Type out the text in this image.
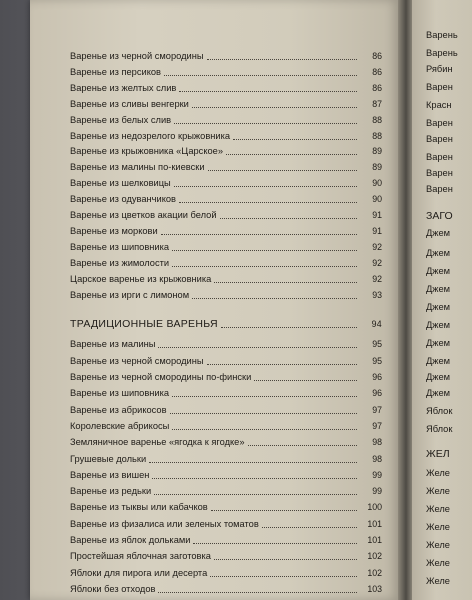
Варенье из черной смородины	86
Варенье из персиков	86
Варенье из желтых слив	86
Варенье из сливы венгерки	87
Варенье из белых слив	88
Варенье из недозрелого крыжовника	88
Варенье из крыжовника «Царское»	89
Варенье из малины по-киевски	89
Варенье из шелковицы	90
Варенье из одуванчиков	90
Варенье из цветков акации белой	91
Варенье из моркови	91
Варенье из шиповника	92
Варенье из жимолости	92
Царское варенье из крыжовника	92
Варенье из ирги с лимоном	93
ТРАДИЦИОННЫЕ ВАРЕНЬЯ	94
Варенье из малины	95
Варенье из черной смородины	95
Варенье из черной смородины по-фински	96
Варенье из шиповника	96
Варенье из абрикосов	97
Королевские абрикосы	97
Земляничное варенье «ягодка к ягодке»	98
Грушевые дольки	98
Варенье из вишен	99
Варенье из редьки	99
Варенье из тыквы или кабачков	100
Варенье из физалиса или зеленых томатов	101
Варенье из яблок дольками	101
Простейшая яблочная заготовка	102
Яблоки для пирога или десерта	102
Яблоки без отходов	103
Варень
Варень
Рябин
Варен
Красн
Варен
Варен
Варен
Варен
Варен
ЗАГО
Джем
Джем
Джем
Джем
Джем
Джем
Джем
Джем
Джем
Джем
Яблок
Яблок
ЖЕЛ
Желе
Желе
Желе
Желе
Желе
Желе
Желе
